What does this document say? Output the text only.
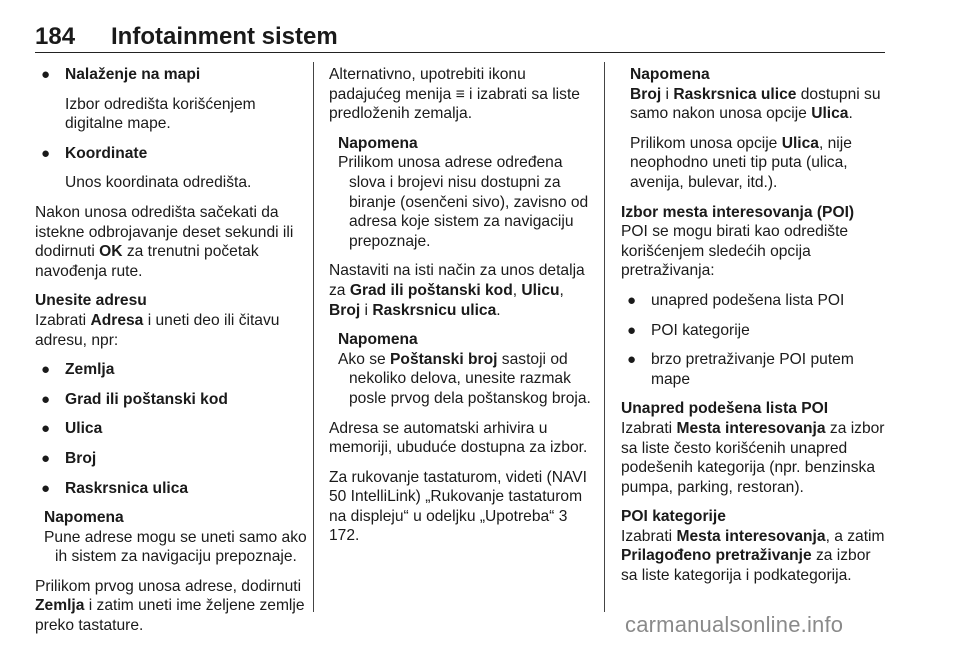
184 Infotainment sistem
● Nalaženje na mapi
Izbor odredišta korišćenjem digitalne mape.
● Koordinate
Unos koordinata odredišta.

Nakon unosa odredišta sačekati da istekne odbrojavanje deset sekundi ili dodirnuti OK za trenutni početak navođenja rute.

Unesite adresu
Izabrati Adresa i uneti deo ili čitavu adresu, npr:
● Zemlja
● Grad ili poštanski kod
● Ulica
● Broj
● Raskrsnica ulica
Napomena
Pune adrese mogu se uneti samo ako ih sistem za navigaciju prepoznaje.

Prilikom prvog unosa adrese, dodirnuti Zemlja i zatim uneti ime željene zemlje preko tastature.

Alternativno, upotrebiti ikonu padajućeg menija ≡ i izabrati sa liste predloženih zemalja.

Napomena
Prilikom unosa adrese određena slova i brojevi nisu dostupni za biranje (osenčeni sivo), zavisno od adresa koje sistem za navigaciju prepoznaje.

Nastaviti na isti način za unos detalja za Grad ili poštanski kod, Ulicu, Broj i Raskrsnicu ulica.

Napomena
Ako se Poštanski broj sastoji od nekoliko delova, unesite razmak posle prvog dela poštanskog broja.

Adresa se automatski arhivira u memoriji, ubuduće dostupna za izbor.

Za rukovanje tastaturom, videti (NAVI 50 IntelliLink) „Rukovanje tastaturom na displeju“ u odeljku „Upotreba“ 3 172.

Napomena
Broj i Raskrsnica ulice dostupni su samo nakon unosa opcije Ulica.
Prilikom unosa opcije Ulica, nije neophodno uneti tip puta (ulica, avenija, bulevar, itd.).
Izbor mesta interesovanja (POI)
POI se mogu birati kao odredište korišćenjem sledećih opcija pretraživanja:
● unapred podešena lista POI
● POI kategorije
● brzo pretraživanje POI putem mape
Unapred podešena lista POI
Izabrati Mesta interesovanja za izbor sa liste često korišćenih unapred podešenih kategorija (npr. benzinska pumpa, parking, restoran).
POI kategorije
Izabrati Mesta interesovanja, a zatim Prilagođeno pretraživanje za izbor sa liste kategorija i podkategorija.
carmanualsonline.info
